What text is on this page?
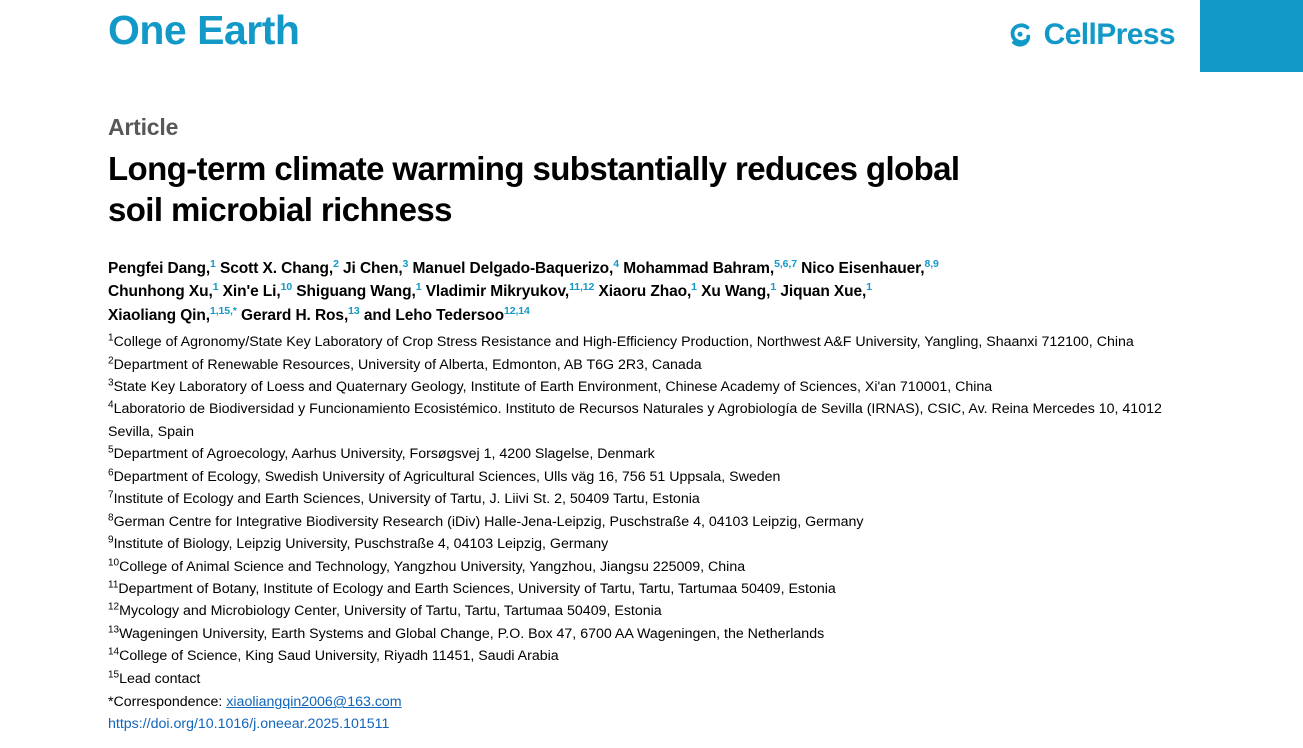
One Earth	CellPress
Article
Long-term climate warming substantially reduces global soil microbial richness
Pengfei Dang,$^1$ Scott X. Chang,$^2$ Ji Chen,$^3$ Manuel Delgado-Baquerizo,$^4$ Mohammad Bahram,$^{5,6,7}$ Nico Eisenhauer,$^{8,9}$
Chunhong Xu,$^1$ Xin'e Li,$^{10}$ Shiguang Wang,$^1$ Vladimir Mikryukov,$^{11,12}$ Xiaoru Zhao,$^1$ Xu Wang,$^1$ Jiquan Xue,$^1$
Xiaoliang Qin,$^{1,15,*}$ Gerard H. Ros,$^{13}$ and Leho Tedersoo$^{12,14}$

$^1$College of Agronomy/State Key Laboratory of Crop Stress Resistance and High-Efficiency Production, Northwest A&F University, Yangling, Shaanxi 712100, China

$^2$Department of Renewable Resources, University of Alberta, Edmonton, AB T6G 2R3, Canada

$^3$State Key Laboratory of Loess and Quaternary Geology, Institute of Earth Environment, Chinese Academy of Sciences, Xi'an 710001, China

$^4$Laboratorio de Biodiversidad y Funcionamiento Ecosistémico. Instituto de Recursos Naturales y Agrobiología de Sevilla (IRNAS), CSIC, Av. Reina Mercedes 10, 41012 Sevilla, Spain

$^5$Department of Agroecology, Aarhus University, Forsøgsvej 1, 4200 Slagelse, Denmark

$^6$Department of Ecology, Swedish University of Agricultural Sciences, Ulls väg 16, 756 51 Uppsala, Sweden

$^7$Institute of Ecology and Earth Sciences, University of Tartu, J. Liivi St. 2, 50409 Tartu, Estonia

$^8$German Centre for Integrative Biodiversity Research (iDiv) Halle-Jena-Leipzig, Puschstraße 4, 04103 Leipzig, Germany

$^9$Institute of Biology, Leipzig University, Puschstraße 4, 04103 Leipzig, Germany

$^{10}$College of Animal Science and Technology, Yangzhou University, Yangzhou, Jiangsu 225009, China

$^{11}$Department of Botany, Institute of Ecology and Earth Sciences, University of Tartu, Tartu, Tartumaa 50409, Estonia

$^{12}$Mycology and Microbiology Center, University of Tartu, Tartu, Tartumaa 50409, Estonia

$^{13}$Wageningen University, Earth Systems and Global Change, P.O. Box 47, 6700 AA Wageningen, the Netherlands

$^{14}$College of Science, King Saud University, Riyadh 11451, Saudi Arabia

$^{15}$Lead contact

*Correspondence: xiaoliangqin2006@163.com
https://doi.org/10.1016/j.oneear.2025.101511
